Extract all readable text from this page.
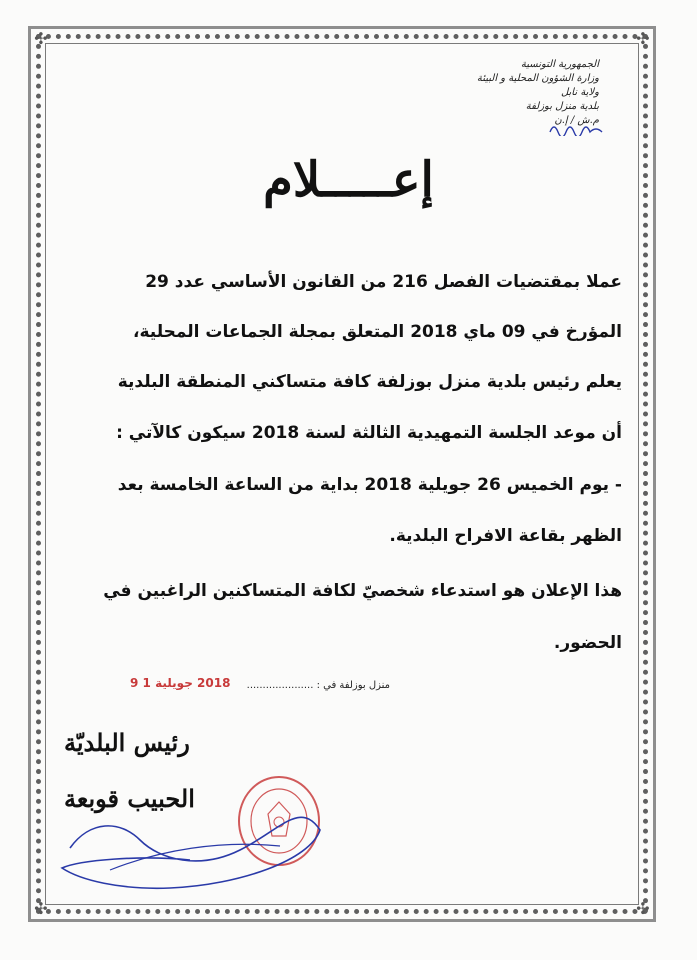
✣	✣
✣	✣
الجمهورية التونسية
وزارة الشؤون المحلية و البيئة
ولاية نابل
بلدية منزل بوزلفة
م.ش / إ.ن
إعـــــلام
عملا بمقتضيات الفصل 216 من القانون الأساسي عدد 29
المؤرخ في 09 ماي 2018 المتعلق بمجلة الجماعات المحلية،
يعلم رئيس بلدية منزل بوزلفة كافة متساكني المنطقة البلدية
أن موعد الجلسة التمهيدية الثالثة لسنة 2018 سيكون كالآتي :
- يوم الخميس 26 جويلية 2018 بداية من الساعة الخامسة بعد
الظهر بقاعة الافراح البلدية.
هذا الإعلان هو استدعاء شخصيّ لكافة المتساكنين الراغبين في
الحضور.
منزل بوزلفة في : .....................
2018 جويلية 1 9
رئيس البلديّة
الحبيب قوبعة
